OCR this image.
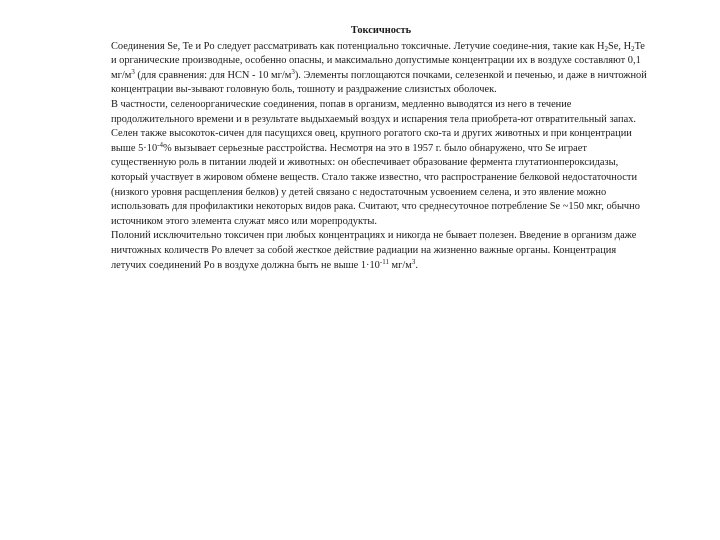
Токсичность

Соединения Se, Te и Po следует рассматривать как потенциально токсичные. Летучие соедине-ния, такие как $H_2Se$, $H_2Te$ и органические производные, особенно опасны, и максимально допустимые концентрации их в воздухе составляют 0,1 $мг/м^3$ (для сравнения: для HCN - 10 $мг/м^3$). Элементы поглощаются почками, селезенкой и печенью, и даже в ничтожной концентрации вы-зывают головную боль, тошноту и раздражение слизистых оболочек.

В частности, селеноорганические соединения, попав в организм, медленно выводятся из него в течение продолжительного времени и в результате выдыхаемый воздух и испарения тела приобрета-ют отвратительный запах. Селен также высокоток-сичен для пасущихся овец, крупного рогатого ско-та и других животных и при концентрации выше $5\cdot 10^{-4}\%$ вызывает серьезные расстройства. Несмотря на это в 1957 г. было обнаружено, что Se играет существенную роль в питании людей и животных: он обеспечивает образование фермента глутатионпероксидазы, который участвует в жировом обмене веществ. Стало также известно, что распространение белковой недостаточности (низкого уровня расщепления белков) у детей связано с недостаточным усвоением селена, и это явление можно использовать для профилактики некоторых видов рака. Считают, что среднесуточное потребление Se ~150 мкг, обычно источником этого элемента служат мясо или морепродукты.

Полоний исключительно токсичен при любых концентрациях и никогда не бывает полезен. Введение в организм даже ничтожных количеств Po влечет за собой жесткое действие радиации на жизненно важные органы. Концентрация летучих соединений Po в воздухе должна быть не выше $1\cdot 10^{-11}$ $мг/м^3$.
